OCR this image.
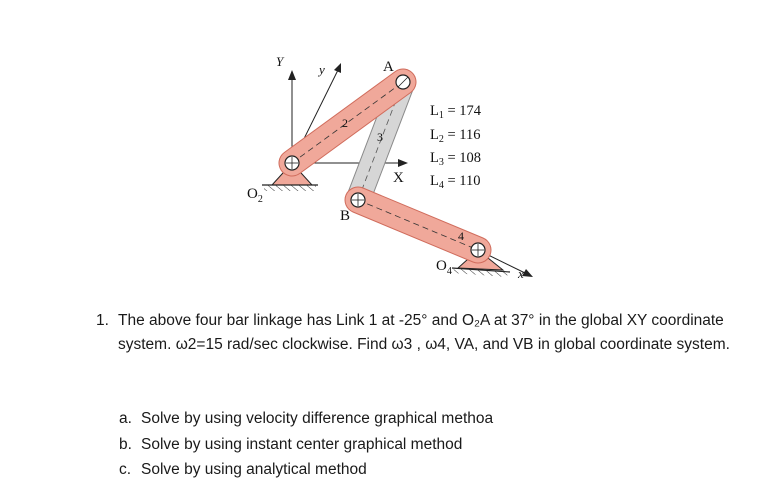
Y
y	A
X
x
B
$O_2$
$O_4$
2
3
4
$L_1 = 174$
$L_2 = 116$
$L_3 = 108$
$L_4 = 110$
1. The above four bar linkage has Link 1 at -25° and O₂A at 37° in the global XY coordinate system. ω2=15 rad/sec clockwise. Find ω3 , ω4, VA, and VB in global coordinate system.
a. Solve by using velocity difference graphical methoa
b. Solve by using instant center graphical method
c. Solve by using analytical method
